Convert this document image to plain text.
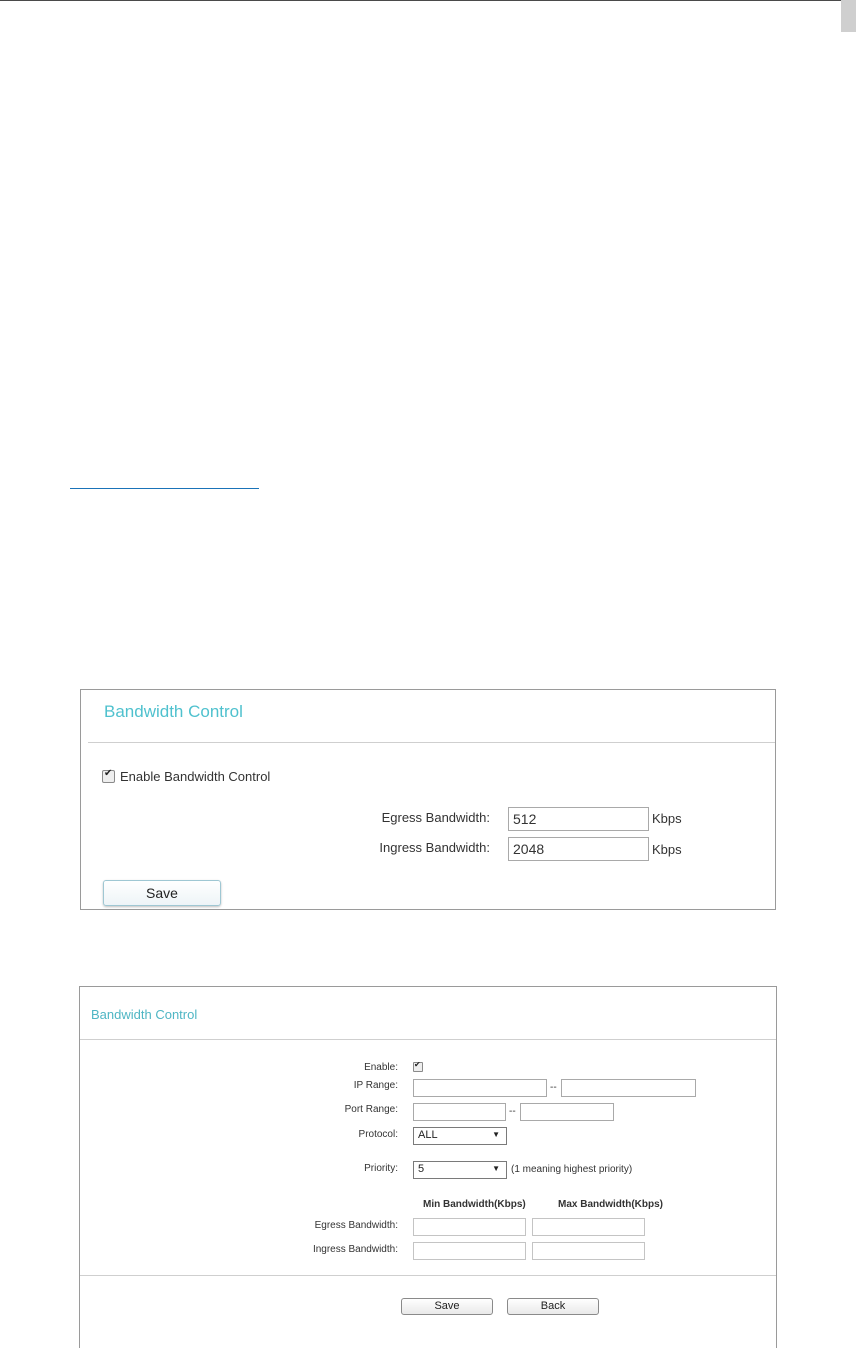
Bandwidth Control
✔
Enable Bandwidth Control
Egress Bandwidth:	512	Kbps
Ingress Bandwidth:	2048	Kbps
Save
Bandwidth Control
Enable:
✔
IP Range:	--
Port Range:	--
Protocol:	ALL	▼
Priority:	5	▼ (1 meaning highest priority)
Min Bandwidth(Kbps)	Max Bandwidth(Kbps)
Egress Bandwidth:
Ingress Bandwidth:
Save	Back
